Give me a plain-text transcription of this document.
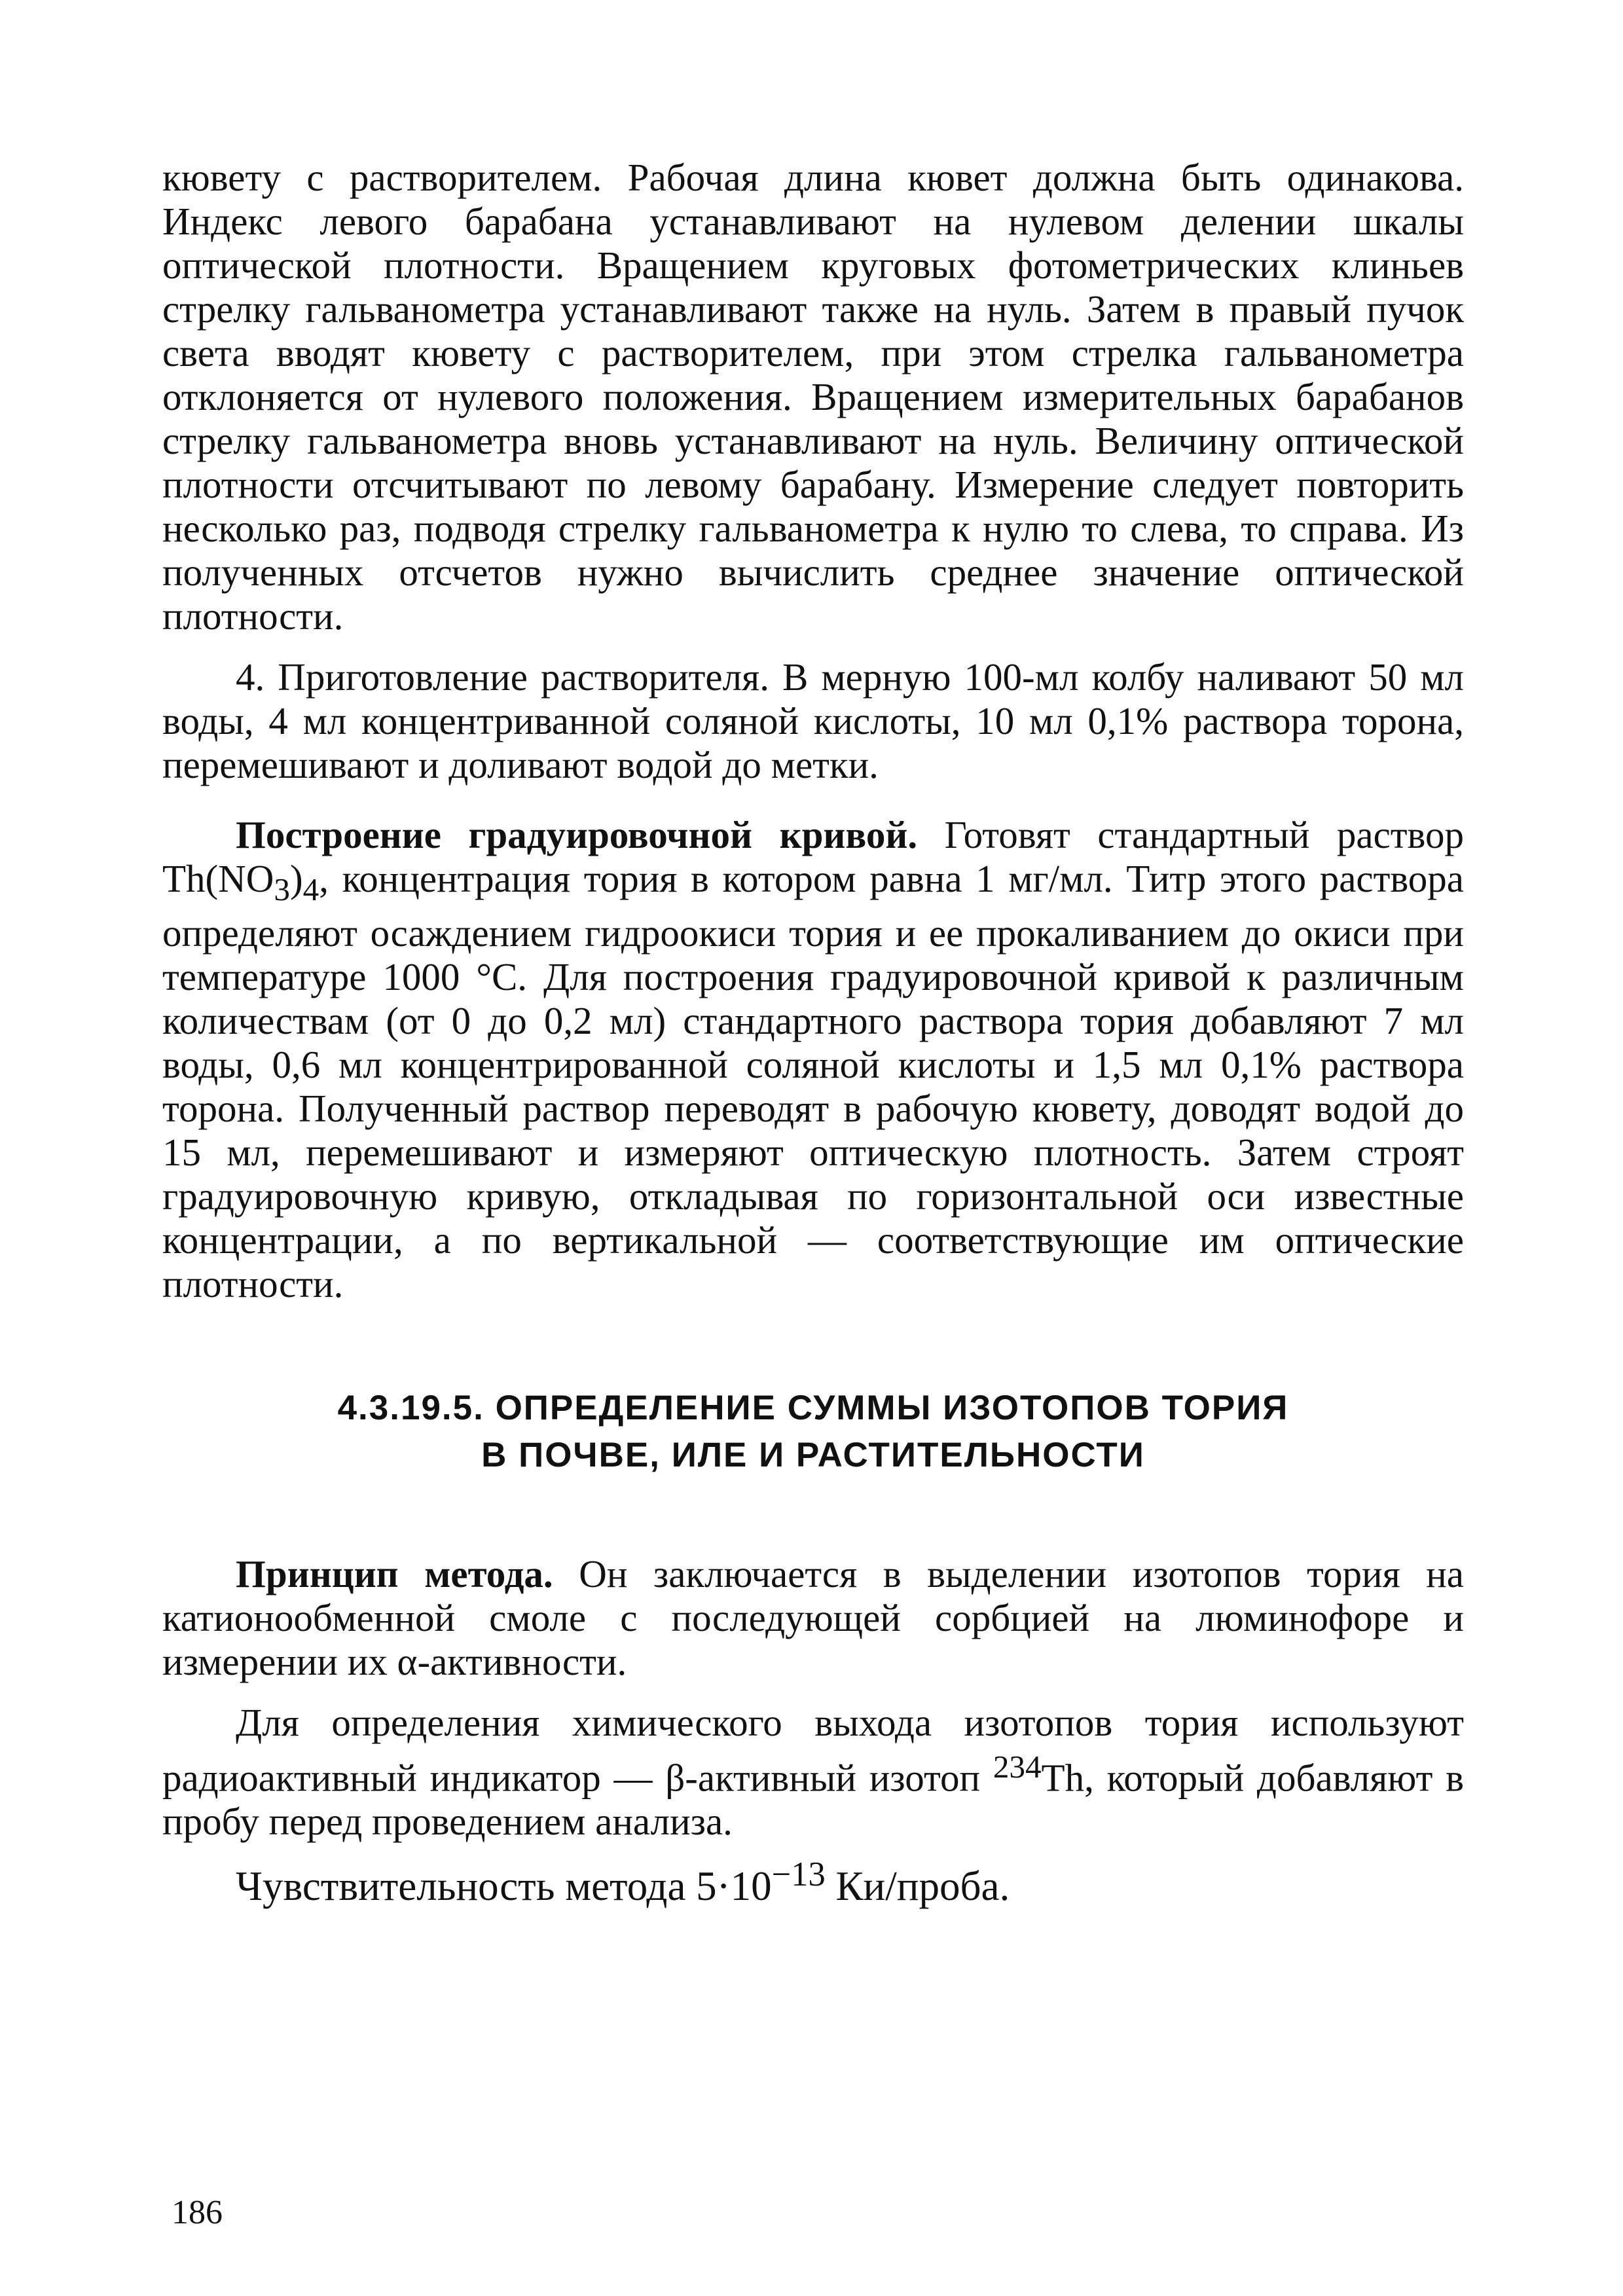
кювету с растворителем. Рабочая длина кювет должна быть одинакова. Индекс левого барабана устанавливают на нулевом делении шкалы оптической плотности. Вращением круговых фотометрических клиньев стрелку гальванометра устанавливают также на нуль. Затем в правый пучок света вводят кювету с растворителем, при этом стрелка гальванометра отклоняется от нулевого положения. Вращением измерительных барабанов стрелку гальванометра вновь устанавливают на нуль. Величину оптической плотности отсчитывают по левому барабану. Измерение следует повторить несколько раз, подводя стрелку гальванометра к нулю то слева, то справа. Из полученных отсчетов нужно вычислить среднее значение оптической плотности.

4. Приготовление растворителя. В мерную 100-мл колбу наливают 50 мл воды, 4 мл концентриванной соляной кислоты, 10 мл 0,1% раствора торона, перемешивают и доливают водой до метки.

Построение градуировочной кривой. Готовят стандартный раствор $Th(NO_3)_4$, концентрация тория в котором равна 1 мг/мл. Титр этого раствора определяют осаждением гидроокиси тория и ее прокаливанием до окиси при температуре 1000 °С. Для построения градуировочной кривой к различным количествам (от 0 до 0,2 мл) стандартного раствора тория добавляют 7 мл воды, 0,6 мл концентрированной соляной кислоты и 1,5 мл 0,1% раствора торона. Полученный раствор переводят в рабочую кювету, доводят водой до 15 мл, перемешивают и измеряют оптическую плотность. Затем строят градуировочную кривую, откладывая по горизонтальной оси известные концентрации, а по вертикальной — соответствующие им оптические плотности.

4.3.19.5. ОПРЕДЕЛЕНИЕ СУММЫ ИЗОТОПОВ ТОРИЯ
В ПОЧВЕ, ИЛЕ И РАСТИТЕЛЬНОСТИ

Принцип метода. Он заключается в выделении изотопов тория на катионообменной смоле с последующей сорбцией на люминофоре и измерении их α-активности.

Для определения химического выхода изотопов тория используют радиоактивный индикатор — β-активный изотоп $^{234}$Th, который добавляют в пробу перед проведением анализа.

Чувствительность метода $5\cdot 10^{-13}$ Ки/проба.

186
